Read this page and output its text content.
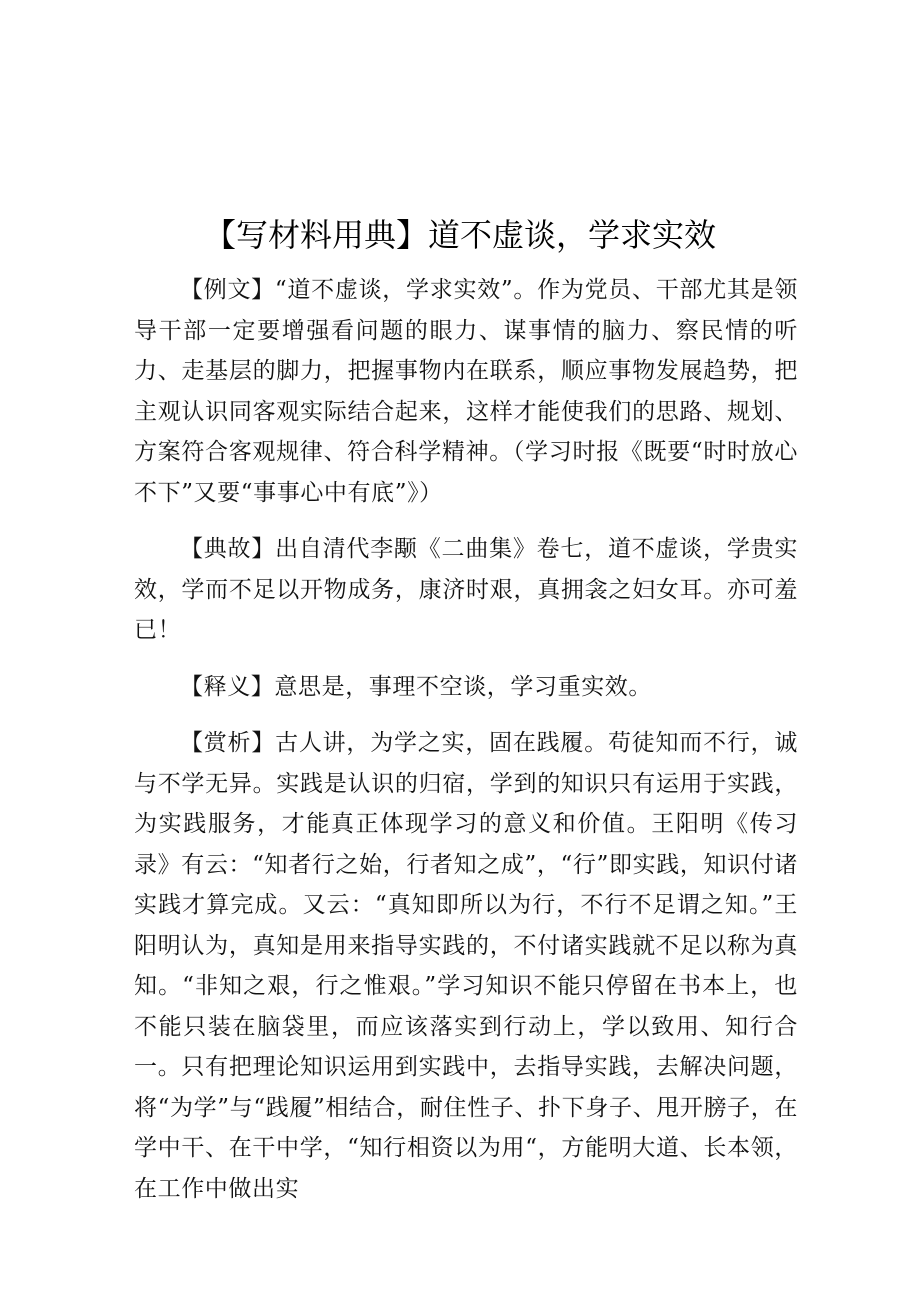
【写材料用典】道不虚谈，学求实效

【例文】“道不虚谈，学求实效”。作为党员、干部尤其是领导干部一定要增强看问题的眼力、谋事情的脑力、察民情的听力、走基层的脚力，把握事物内在联系，顺应事物发展趋势，把主观认识同客观实际结合起来，这样才能使我们的思路、规划、方案符合客观规律、符合科学精神。（学习时报《既要“时时放心不下”又要“事事心中有底”》）

【典故】出自清代李颙《二曲集》卷七，道不虚谈，学贵实效，学而不足以开物成务，康济时艰，真拥衾之妇女耳。亦可羞已！

【释义】意思是，事理不空谈，学习重实效。

【赏析】古人讲，为学之实，固在践履。苟徒知而不行，诚与不学无异。实践是认识的归宿，学到的知识只有运用于实践，为实践服务，才能真正体现学习的意义和价值。王阳明《传习录》有云：“知者行之始，行者知之成”，“行”即实践，知识付诸实践才算完成。又云：“真知即所以为行，不行不足谓之知。”王阳明认为，真知是用来指导实践的，不付诸实践就不足以称为真知。“非知之艰，行之惟艰。”学习知识不能只停留在书本上，也不能只装在脑袋里，而应该落实到行动上，学以致用、知行合一。只有把理论知识运用到实践中，去指导实践，去解决问题，将“为学”与“践履”相结合，耐住性子、扑下身子、甩开膀子，在学中干、在干中学，“知行相资以为用“，方能明大道、长本领，在工作中做出实
